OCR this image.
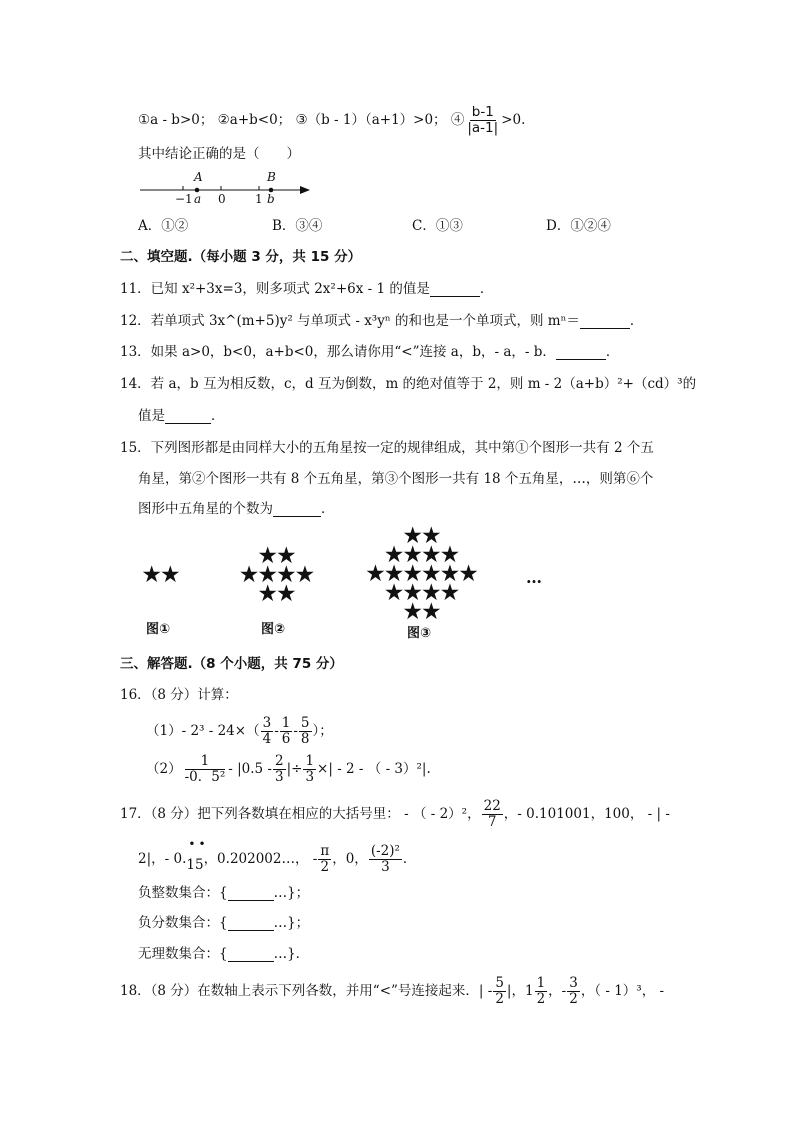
①a - b>0； ②a+b<0； ③（b - 1）（a+1）>0； ④ $\frac{b-1}{|a-1|} >0$.
其中结论正确的是（　　）
A	B
−1 a 0 1 b
A．①②	B．③④	C．①③	D．①②④
二、填空题.（每小题 3 分，共 15 分）
11．已知 x²+3x=3，则多项式 2x²+6x - 1 的值是	．
12．若单项式 3x^(m+5)y² 与单项式 - x³yⁿ 的和也是一个单项式，则 mⁿ＝	．
13．如果 a>0，b<0，a+b<0，那么请你用“<”连接 a，b，- a，- b．	．
14．若 a，b 互为相反数，c，d 互为倒数，m 的绝对值等于 2，则 m - 2（a+b）²+（cd）³的
值是	．
15．下列图形都是由同样大小的五角星按一定的规律组成，其中第①个图形一共有 2 个五
角星，第②个图形一共有 8 个五角星，第③个图形一共有 18 个五角星，…，则第⑥个
图形中五角星的个数为	．
★★
图①
★★
★★★★
★★
图②
★★
★★★★
★★★★★★
★★★★
★★
图③
…
三、解答题.（8 个小题，共 75 分）
16．（8 分）计算：
（1）- $2^3 - 24\times( \frac{3}{4} - \frac{1}{6} - \frac{5}{8}$ ）；
$(2) \frac{1}{\text{-0．5²}} - |0.5 - \frac{2}{3}$ |÷ $\frac{1}{3}$ ×| - 2 - （ - 3）²|.
17．（8 分）把下列各数填在相应的大括号里： - （ - 2）²， $\frac{22}{7}$ ，- 0.101001，100， - | -
2|，- 0.
••
15，0.202002…， - $\frac{\pi}{2}$ ，0， $\frac{\text{(-2)²}}{3}$ ．
负整数集合：{	…}；
负分数集合：{	…}；
无理数集合：{	…}．
18．（8 分）在数轴上表示下列各数，并用“<”号连接起来．| - $\frac{5}{2}$ |，$1 \frac{1}{2}$ ，- $\frac{3}{2}$ ，（ - 1）³， -
